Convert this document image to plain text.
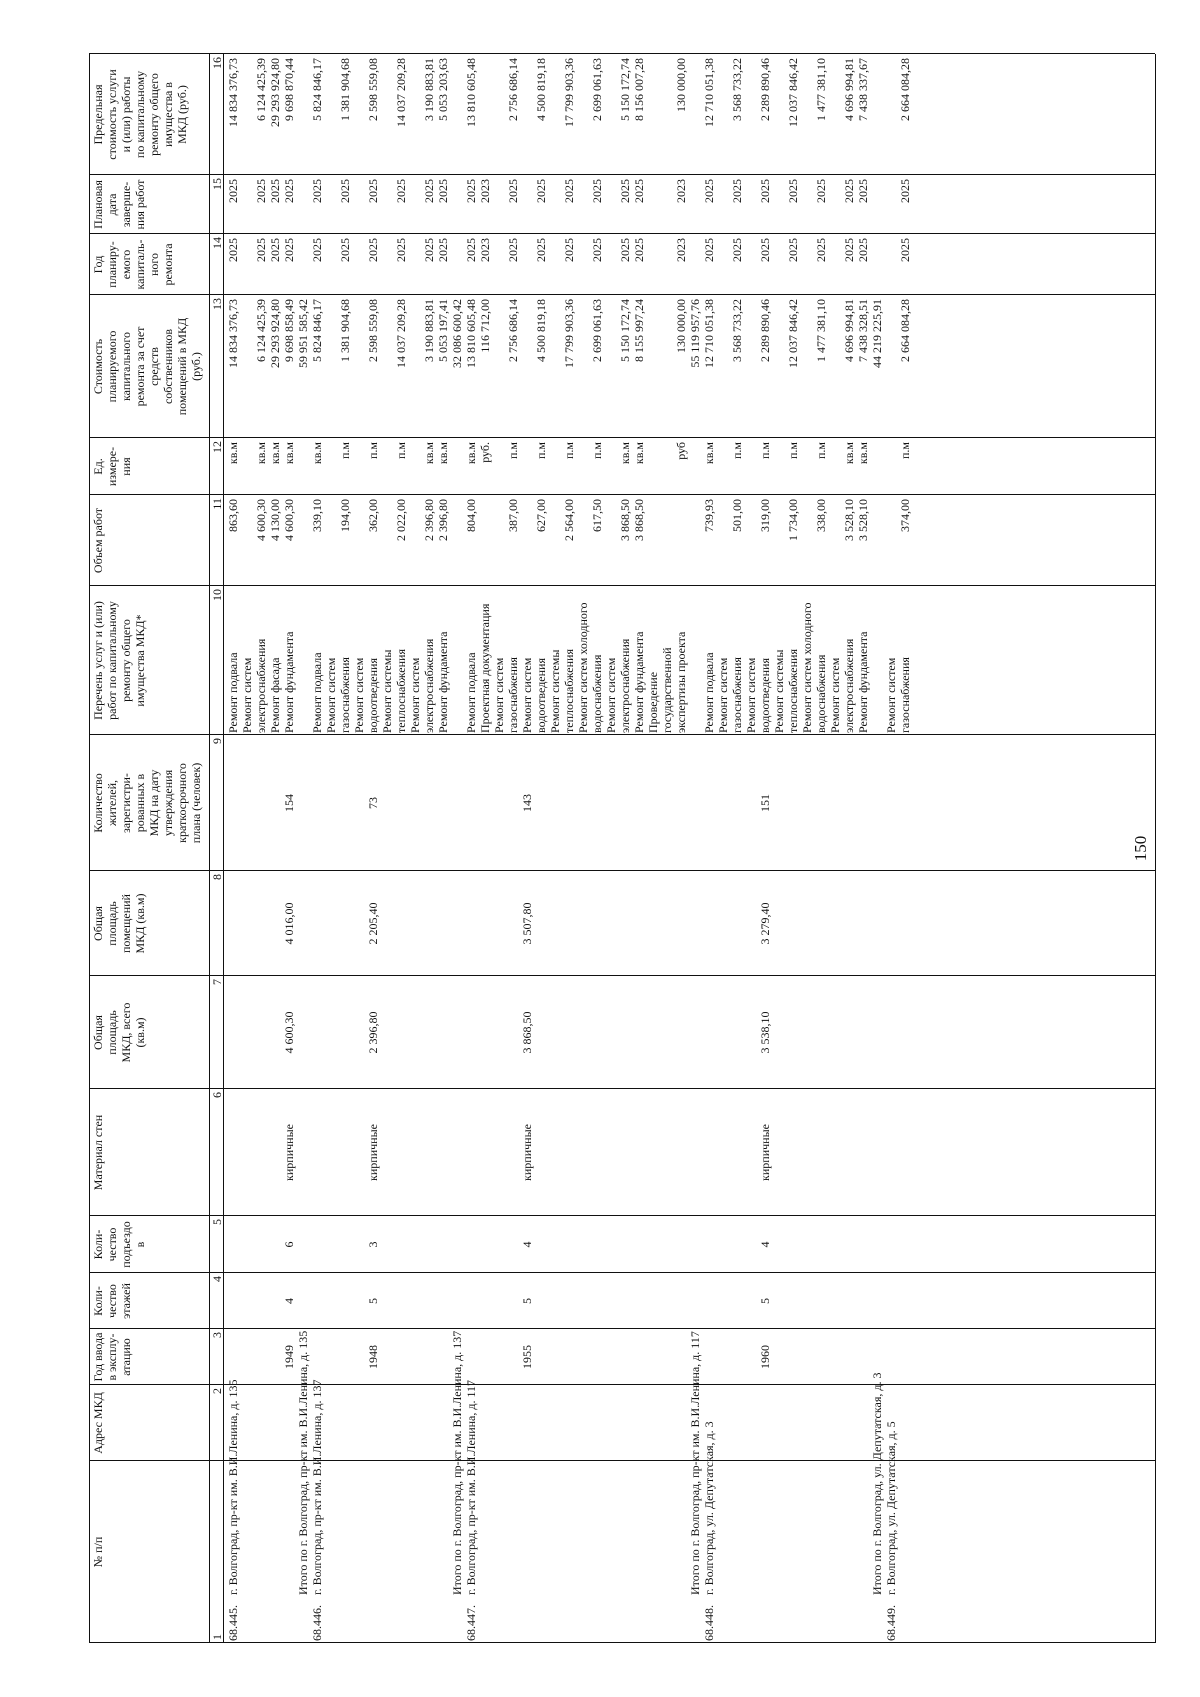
150
№ п/п
Адрес МКД
Год ввода в эксплу- атацию
Коли- чество этажей
Коли- чество подъездо в
Материал стен
Общая площадь МКД, всего (кв.м)
Общая площадь помещений МКД (кв.м)
Количество жителей, зарегистри- рованных в МКД на дату утверждения краткосрочного плана (человек)
Перечень услуг и (или) работ по капитальному ремонту общего имущества МКД*
Объем работ
Ед. измере- ния
Стоимость планируемого капитального ремонта за счет средств собственников помещений в МКД (руб.)
Год планиру- емого капиталь- ного ремонта
Плановая дата заверше- ния работ
Предельная стоимость услуги и (или) работы по капитальному ремонту общего имущества в МКД (руб.)
1
2
3
4
5
6
7
8
9
10
11
12
13
14
15
16
68.445.
г. Волгоград, пр-кт им. В.И.Ленина, д. 135
1949
4
6
кирпичные
4 600,30
4 016,00
154
Ремонт подвала
863,60
кв.м
14 834 376,73
2025
2025
14 834 376,73
Ремонт систем электроснабжения
4 600,30
кв.м
6 124 425,39
2025
2025
6 124 425,39
Ремонт фасада
4 130,00
кв.м
29 293 924,80
2025
2025
29 293 924,80
Ремонт фундамента
4 600,30
кв.м
9 698 858,49
2025
2025
9 698 870,44
Итого по г. Волгоград, пр-кт им. В.И.Ленина, д. 135
59 951 585,42
68.446.
г. Волгоград, пр-кт им. В.И.Ленина, д. 137
1948
5
3
кирпичные
2 396,80
2 205,40
73
Ремонт подвала
339,10
кв.м
5 824 846,17
2025
2025
5 824 846,17
Ремонт систем газоснабжения
194,00
п.м
1 381 904,68
2025
2025
1 381 904,68
Ремонт систем водоотведения
362,00
п.м
2 598 559,08
2025
2025
2 598 559,08
Ремонт системы теплоснабжения
2 022,00
п.м
14 037 209,28
2025
2025
14 037 209,28
Ремонт систем электроснабжения
2 396,80
кв.м
3 190 883,81
2025
2025
3 190 883,81
Ремонт фундамента
2 396,80
кв.м
5 053 197,41
2025
2025
5 053 203,63
Итого по г. Волгоград, пр-кт им. В.И.Ленина, д. 137
32 086 600,42
68.447.
г. Волгоград, пр-кт им. В.И.Ленина, д. 117
1955
5
4
кирпичные
3 868,50
3 507,80
143
Ремонт подвала
804,00
кв.м
13 810 605,48
2025
2025
13 810 605,48
Проектная документация
руб.
116 712,00
2023
2023
Ремонт систем газоснабжения
387,00
п.м
2 756 686,14
2025
2025
2 756 686,14
Ремонт систем водоотведения
627,00
п.м
4 500 819,18
2025
2025
4 500 819,18
Ремонт системы теплоснабжения
2 564,00
п.м
17 799 903,36
2025
2025
17 799 903,36
Ремонт систем холодного водоснабжения
617,50
п.м
2 699 061,63
2025
2025
2 699 061,63
Ремонт систем электроснабжения
3 868,50
кв.м
5 150 172,74
2025
2025
5 150 172,74
Ремонт фундамента
3 868,50
кв.м
8 155 997,24
2025
2025
8 156 007,28
Проведение государственной экспертизы проекта
руб
130 000,00
2023
2023
130 000,00
Итого по г. Волгоград, пр-кт им. В.И.Ленина, д. 117
55 119 957,76
68.448.
г. Волгоград, ул. Депутатская, д. 3
1960
5
4
кирпичные
3 538,10
3 279,40
151
Ремонт подвала
739,93
кв.м
12 710 051,38
2025
2025
12 710 051,38
Ремонт систем газоснабжения
501,00
п.м
3 568 733,22
2025
2025
3 568 733,22
Ремонт систем водоотведения
319,00
п.м
2 289 890,46
2025
2025
2 289 890,46
Ремонт системы теплоснабжения
1 734,00
п.м
12 037 846,42
2025
2025
12 037 846,42
Ремонт систем холодного водоснабжения
338,00
п.м
1 477 381,10
2025
2025
1 477 381,10
Ремонт систем электроснабжения
3 528,10
кв.м
4 696 994,81
2025
2025
4 696 994,81
Ремонт фундамента
3 528,10
кв.м
7 438 328,51
2025
2025
7 438 337,67
Итого по г. Волгоград, ул. Депутатская, д. 3
44 219 225,91
68.449.
г. Волгоград, ул. Депутатская, д. 5
Ремонт систем газоснабжения
374,00
п.м
2 664 084,28
2025
2025
2 664 084,28
